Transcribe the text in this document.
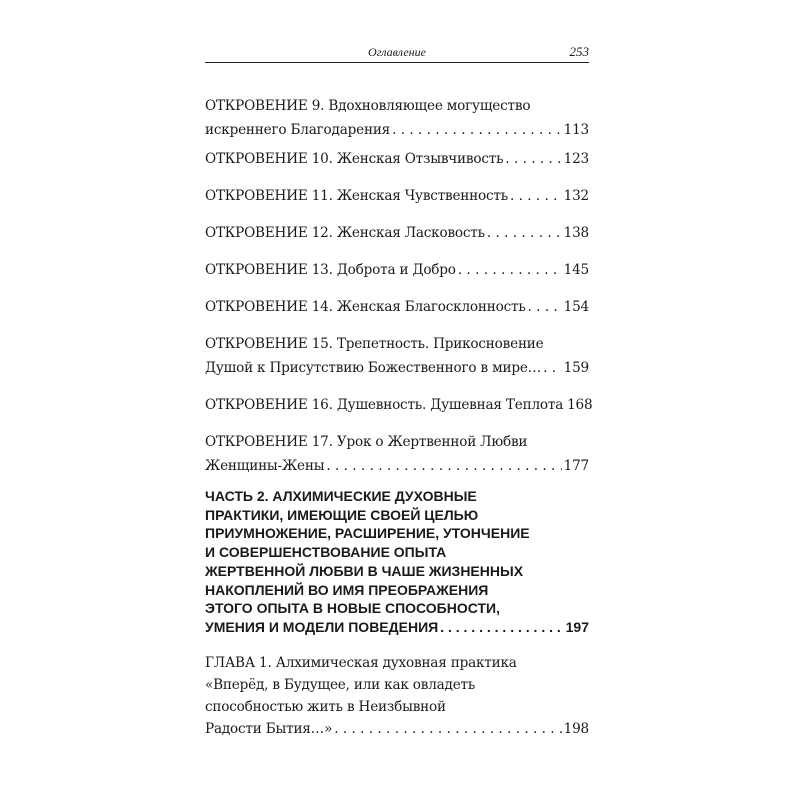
Оглавление	253
ОТКРОВЕНИЕ 9. Вдохновляющее могущество
искреннего Благодарения . . .	113
ОТКРОВЕНИЕ 10. Женская Отзывчивость . . .	123
ОТКРОВЕНИЕ 11. Женская Чувственность . . .	132
ОТКРОВЕНИЕ 12. Женская Ласковость . . .	138
ОТКРОВЕНИЕ 13. Доброта и Добро . . .	145
ОТКРОВЕНИЕ 14. Женская Благосклонность . . .	154
ОТКРОВЕНИЕ 15. Трепетность. Прикосновение
Душой к Присутствию Божественного в мире… . . . 159
ОТКРОВЕНИЕ 16. Душевность. Душевная Теплота 168
ОТКРОВЕНИЕ 17. Урок о Жертвенной Любви
Женщины-Жены . . .	177
ЧАСТЬ 2. АЛХИМИЧЕСКИЕ ДУХОВНЫЕ
ПРАКТИКИ, ИМЕЮЩИЕ СВОЕЙ ЦЕЛЬЮ
ПРИУМНОЖЕНИЕ, РАСШИРЕНИЕ, УТОНЧЕНИЕ
И СОВЕРШЕНСТВОВАНИЕ ОПЫТА
ЖЕРТВЕННОЙ ЛЮБВИ В ЧАШЕ ЖИЗНЕННЫХ
НАКОПЛЕНИЙ ВО ИМЯ ПРЕОБРАЖЕНИЯ
ЭТОГО ОПЫТА В НОВЫЕ СПОСОБНОСТИ,
УМЕНИЯ И МОДЕЛИ ПОВЕДЕНИЯ . . .	197
ГЛАВА 1. Алхимическая духовная практика
«Вперёд, в Будущее, или как овладеть
способностью жить в Неизбывной
Радости Бытия…» . . .	198
